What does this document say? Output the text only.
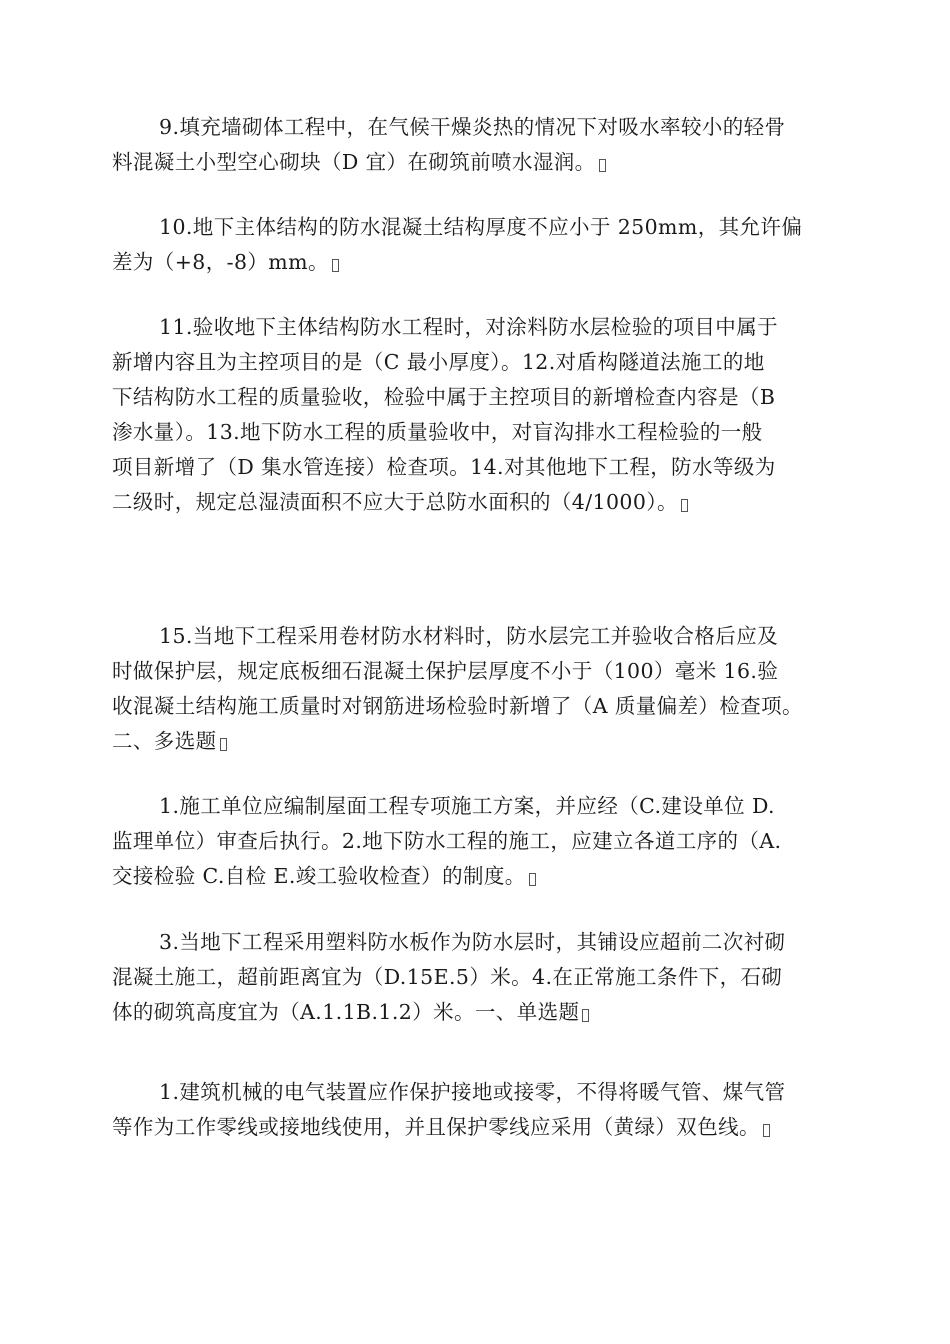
9.填充墙砌体工程中，在气候干燥炎热的情况下对吸水率较小的轻骨
料混凝土小型空心砌块（D 宜）在砌筑前喷水湿润。
10.地下主体结构的防水混凝土结构厚度不应小于 250mm，其允许偏
差为（+8，-8）mm。
11.验收地下主体结构防水工程时，对涂料防水层检验的项目中属于
新增内容且为主控项目的是（C 最小厚度）。12.对盾构隧道法施工的地
下结构防水工程的质量验收，检验中属于主控项目的新增检查内容是（B
渗水量）。13.地下防水工程的质量验收中，对盲沟排水工程检验的一般
项目新增了（D 集水管连接）检查项。14.对其他地下工程，防水等级为
二级时，规定总湿渍面积不应大于总防水面积的（4/1000）。
15.当地下工程采用卷材防水材料时，防水层完工并验收合格后应及
时做保护层，规定底板细石混凝土保护层厚度不小于（100）毫米 16.验
收混凝土结构施工质量时对钢筋进场检验时新增了（A 质量偏差）检查项。
二、多选题
1.施工单位应编制屋面工程专项施工方案，并应经（C.建设单位 D.
监理单位）审查后执行。2.地下防水工程的施工，应建立各道工序的（A.
交接检验 C.自检 E.竣工验收检查）的制度。
3.当地下工程采用塑料防水板作为防水层时，其铺设应超前二次衬砌
混凝土施工，超前距离宜为（D.15E.5）米。4.在正常施工条件下，石砌
体的砌筑高度宜为（A.1.1B.1.2）米。一、单选题
1.建筑机械的电气装置应作保护接地或接零，不得将暖气管、煤气管
等作为工作零线或接地线使用，并且保护零线应采用（黄绿）双色线。
